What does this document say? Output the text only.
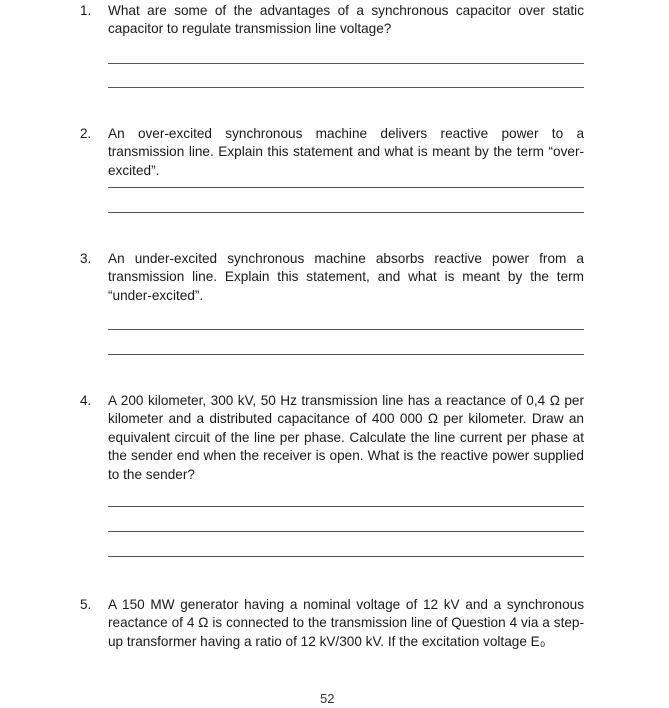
1.	What are some of the advantages of a synchronous capacitor over static capacitor to regulate transmission line voltage?
2.	An over-excited synchronous machine delivers reactive power to a transmission line. Explain this statement and what is meant by the term “over-excited”.
3.	An under-excited synchronous machine absorbs reactive power from a transmission line. Explain this statement, and what is meant by the term “under-excited”.
4.	A 200 kilometer, 300 kV, 50 Hz transmission line has a reactance of 0,4 Ω per kilometer and a distributed capacitance of 400 000 Ω per kilometer. Draw an equivalent circuit of the line per phase. Calculate the line current per phase at the sender end when the receiver is open. What is the reactive power supplied to the sender?
5.	A 150 MW generator having a nominal voltage of 12 kV and a synchronous reactance of 4 Ω is connected to the transmission line of Question 4 via a step-up transformer having a ratio of 12 kV/300 kV. If the excitation voltage E₀
52
